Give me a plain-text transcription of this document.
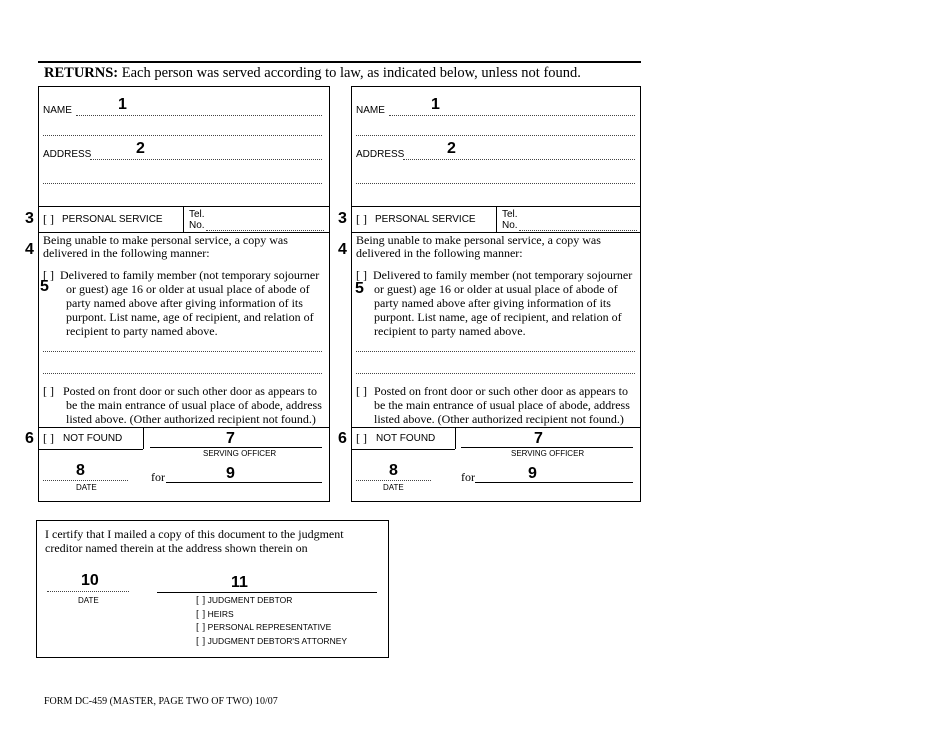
RETURNS: Each person was served according to law, as indicated below, unless not found.
NAME	1
ADDRESS	2
[ ] PERSONAL SERVICE	Tel.
No.
Being unable to make personal service, a copy was
delivered in the following manner:
[ ] Delivered to family member (not temporary sojourner
or guest) age 16 or older at usual place of abode of
party named above after giving information of its
purpont. List name, age of recipient, and relation of
recipient to party named above.
5
[ ] Posted on front door or such other door as appears to
be the main entrance of usual place of abode, address
listed above. (Other authorized recipient not found.)
[ ] NOT FOUND	7
SERVING OFFICER
8
DATE
for	9
3
4
6
NAME	1
ADDRESS	2
[ ] PERSONAL SERVICE	Tel.
No.
Being unable to make personal service, a copy was
delivered in the following manner:
[ ] Delivered to family member (not temporary sojourner
or guest) age 16 or older at usual place of abode of
party named above after giving information of its
purpont. List name, age of recipient, and relation of
recipient to party named above.
5
[ ] Posted on front door or such other door as appears to
be the main entrance of usual place of abode, address
listed above. (Other authorized recipient not found.)
[ ] NOT FOUND	7
SERVING OFFICER
8
DATE
for	9
3
4
6
I certify that I mailed a copy of this document to the judgment
creditor named therein at the address shown therein on
10
DATE
11
[ ] JUDGMENT DEBTOR
[ ] HEIRS
[ ] PERSONAL REPRESENTATIVE
[ ] JUDGMENT DEBTOR'S ATTORNEY
FORM DC-459 (MASTER, PAGE TWO OF TWO) 10/07
